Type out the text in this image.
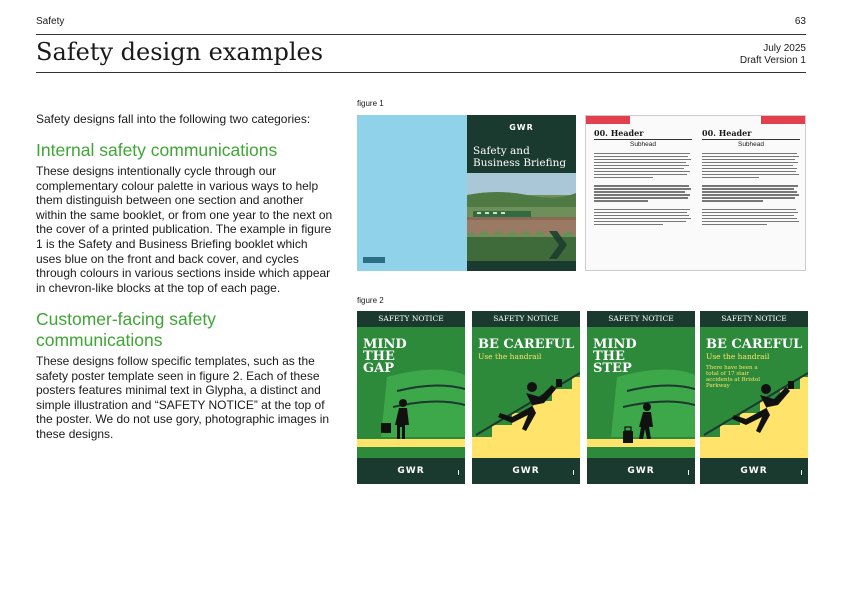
Safety	63
Safety design examples	July 2025
Draft Version 1
Safety designs fall into the following two categories:
Internal safety communications
These designs intentionally cycle through our complementary colour palette in various ways to help them distinguish between one section and another within the same booklet, or from one year to the next on the cover of a printed publication. The example in figure 1 is the Safety and Business Briefing booklet which uses blue on the front and back cover, and cycles through colours in various sections inside which appear in chevron-like blocks at the top of each page.
Customer-facing safety communications
These designs follow specific templates, such as the safety poster template seen in figure 2. Each of these posters features minimal text in Glypha, a distinct and simple illustration and “SAFETY NOTICE” at the top of the poster. We do not use gory, photographic images in these designs.
figure 1
GWR
Safety and Business Briefing
00. Header
Subhead
00. Header
Subhead
figure 2
SAFETY NOTICE
MIND
THE
GAP
GWR
SAFETY NOTICE
BE CAREFUL
Use the handrail
GWR
SAFETY NOTICE
MIND
THE
STEP
GWR
SAFETY NOTICE
BE CAREFUL
Use the handrail
There have been a total of 17 stair accidents at Bristol Parkway
GWR
